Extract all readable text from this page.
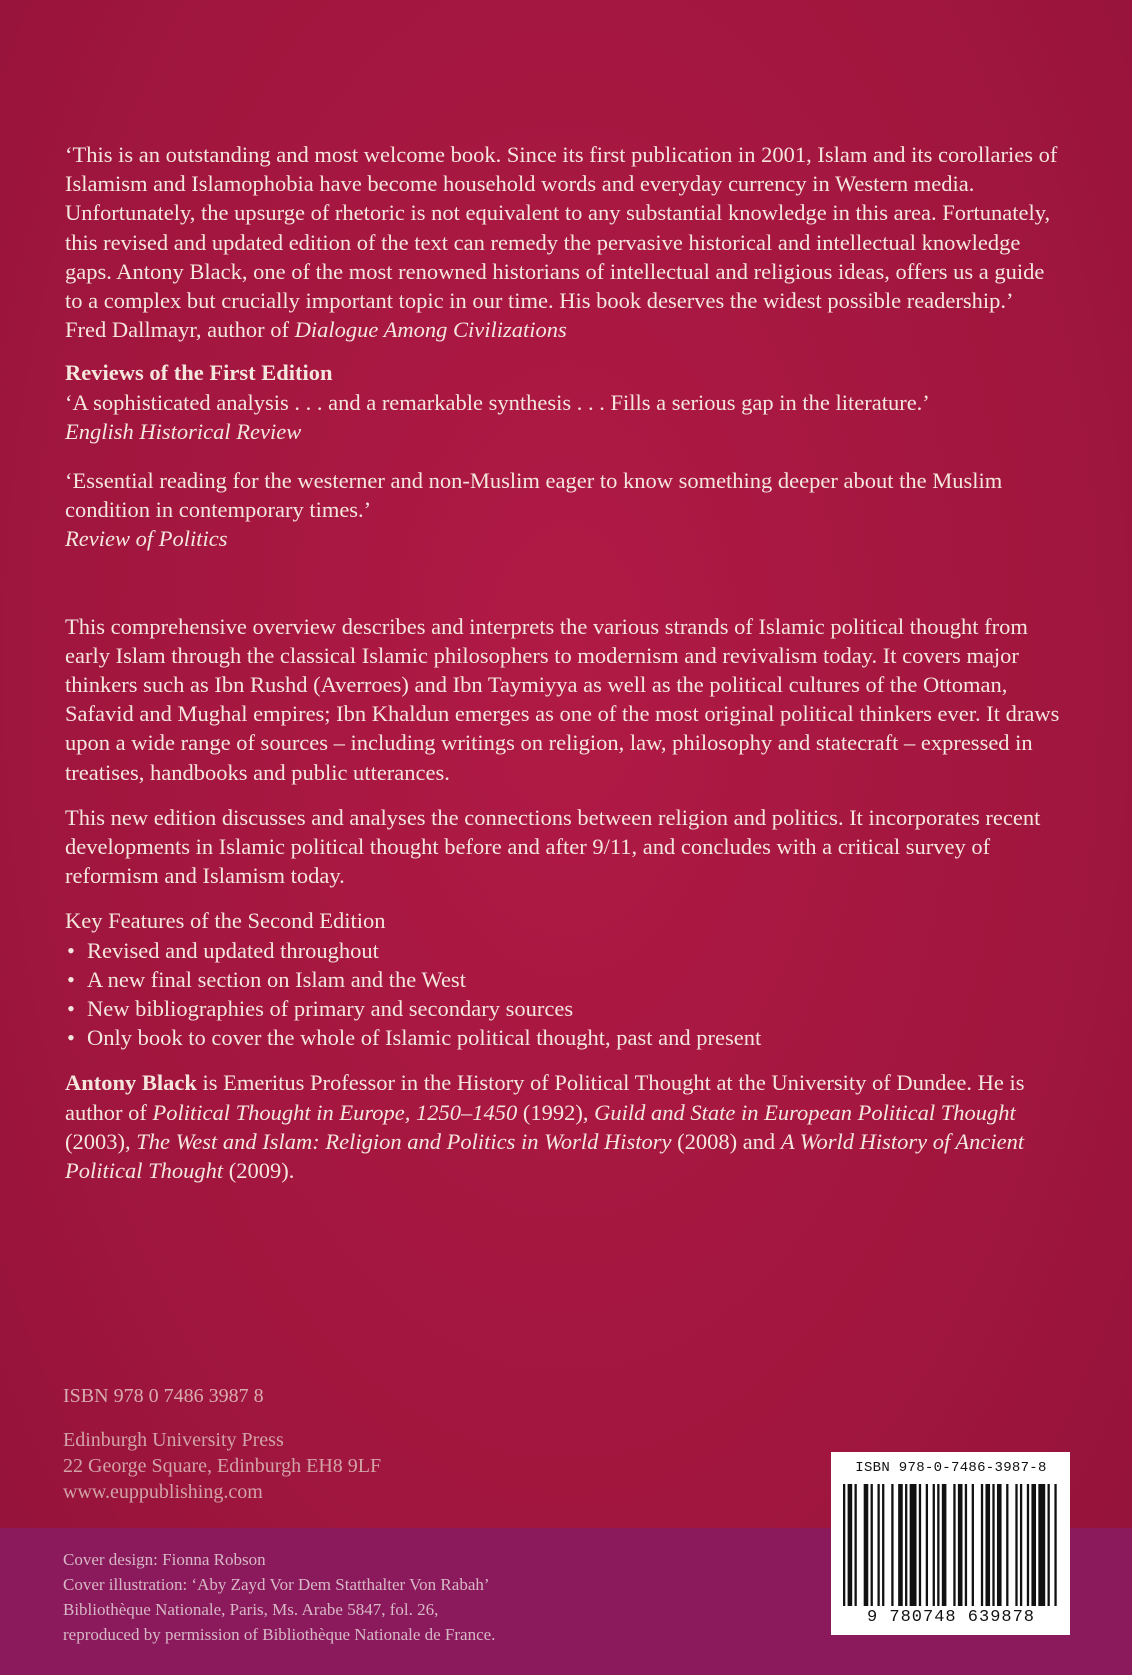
‘This is an outstanding and most welcome book. Since its first publication in 2001, Islam and its corollaries of Islamism and Islamophobia have become household words and everyday currency in Western media. Unfortunately, the upsurge of rhetoric is not equivalent to any substantial knowledge in this area. Fortunately, this revised and updated edition of the text can remedy the pervasive historical and intellectual knowledge gaps. Antony Black, one of the most renowned historians of intellectual and religious ideas, offers us a guide to a complex but crucially important topic in our time. His book deserves the widest possible readership.’

Fred Dallmayr, author of Dialogue Among Civilizations

Reviews of the First Edition

‘A sophisticated analysis . . . and a remarkable synthesis . . . Fills a serious gap in the literature.’

English Historical Review

‘Essential reading for the westerner and non-Muslim eager to know something deeper about the Muslim condition in contemporary times.’

Review of Politics

This comprehensive overview describes and interprets the various strands of Islamic political thought from early Islam through the classical Islamic philosophers to modernism and revivalism today. It covers major thinkers such as Ibn Rushd (Averroes) and Ibn Taymiyya as well as the political cultures of the Ottoman, Safavid and Mughal empires; Ibn Khaldun emerges as one of the most original political thinkers ever. It draws upon a wide range of sources – including writings on religion, law, philosophy and statecraft – expressed in treatises, handbooks and public utterances.

This new edition discusses and analyses the connections between religion and politics. It incorporates recent developments in Islamic political thought before and after 9/11, and concludes with a critical survey of reformism and Islamism today.

Key Features of the Second Edition

• Revised and updated throughout
• A new final section on Islam and the West
• New bibliographies of primary and secondary sources
• Only book to cover the whole of Islamic political thought, past and present

Antony Black is Emeritus Professor in the History of Political Thought at the University of Dundee. He is author of Political Thought in Europe, 1250–1450 (1992), Guild and State in European Political Thought (2003), The West and Islam: Religion and Politics in World History (2008) and A World History of Ancient Political Thought (2009).

ISBN 978 0 7486 3987 8
Edinburgh University Press
22 George Square, Edinburgh EH8 9LF
www.euppublishing.com
Cover design: Fionna Robson
Cover illustration: ‘Aby Zayd Vor Dem Statthalter Von Rabah’
Bibliothèque Nationale, Paris, Ms. Arabe 5847, fol. 26,
reproduced by permission of Bibliothèque Nationale de France.
ISBN 978-0-7486-3987-8
9 780748 639878
